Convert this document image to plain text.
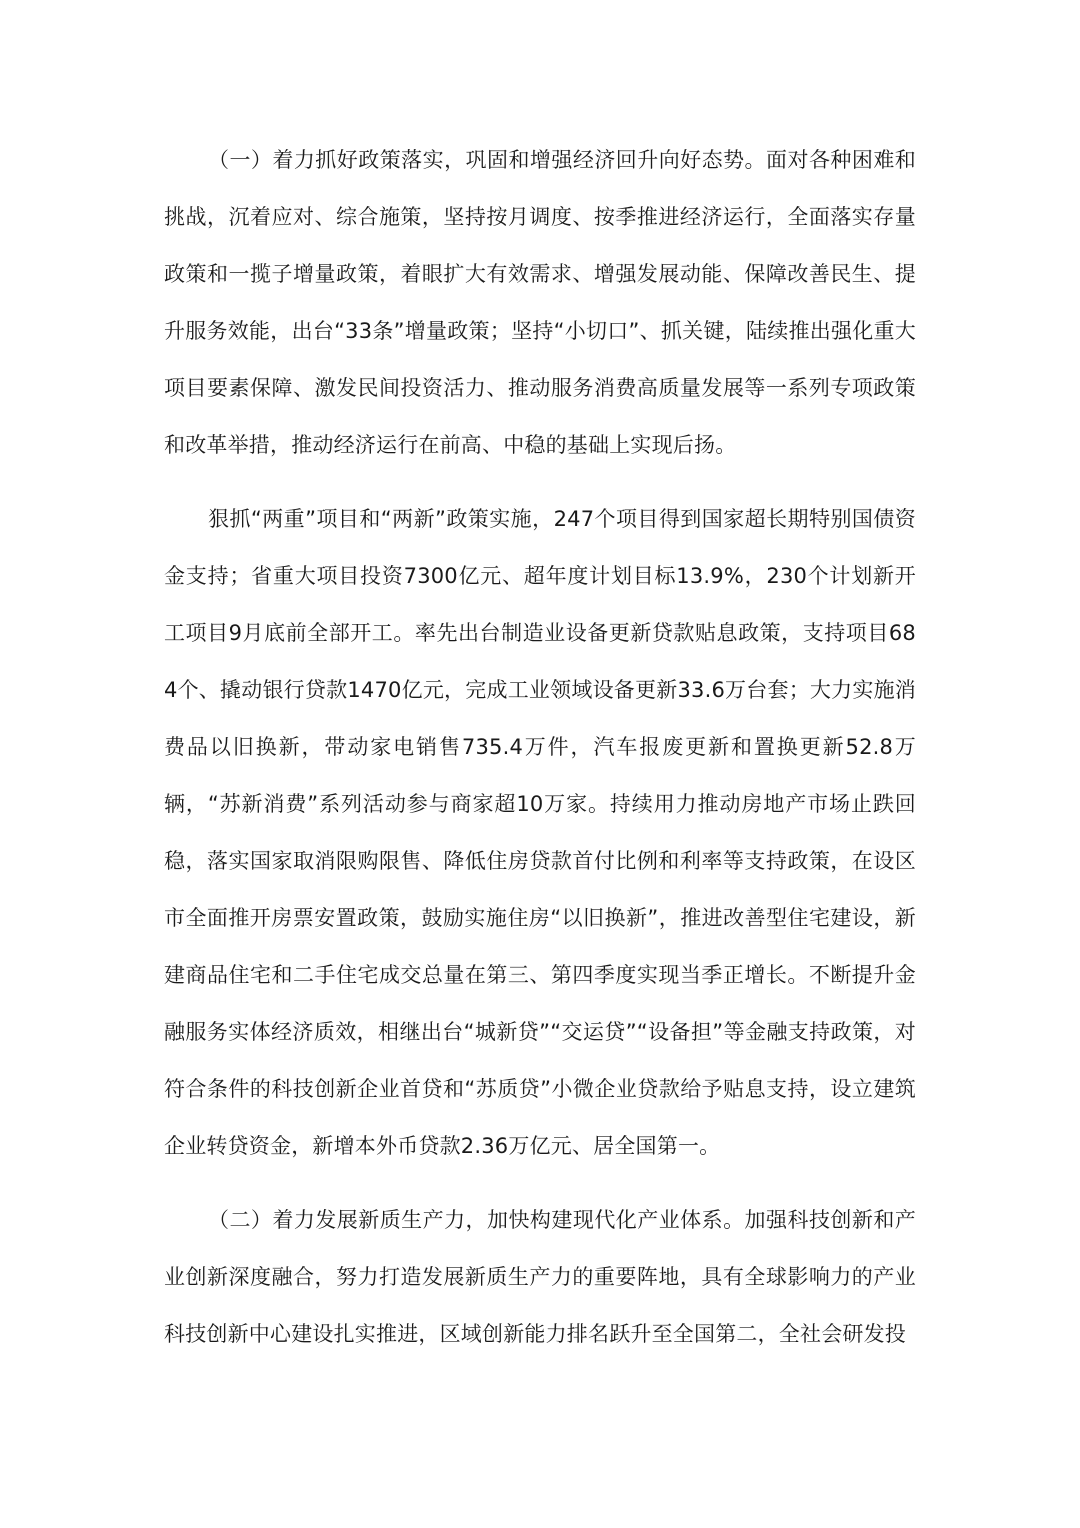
（一）着力抓好政策落实，巩固和增强经济回升向好态势。面对各种困难和挑战，沉着应对、综合施策，坚持按月调度、按季推进经济运行，全面落实存量政策和一揽子增量政策，着眼扩大有效需求、增强发展动能、保障改善民生、提升服务效能，出台“33条”增量政策；坚持“小切口”、抓关键，陆续推出强化重大项目要素保障、激发民间投资活力、推动服务消费高质量发展等一系列专项政策和改革举措，推动经济运行在前高、中稳的基础上实现后扬。

狠抓“两重”项目和“两新”政策实施，247个项目得到国家超长期特别国债资金支持；省重大项目投资7300亿元、超年度计划目标13.9%，230个计划新开工项目9月底前全部开工。率先出台制造业设备更新贷款贴息政策，支持项目684个、撬动银行贷款1470亿元，完成工业领域设备更新33.6万台套；大力实施消费品以旧换新，带动家电销售735.4万件，汽车报废更新和置换更新52.8万辆，“苏新消费”系列活动参与商家超10万家。持续用力推动房地产市场止跌回稳，落实国家取消限购限售、降低住房贷款首付比例和利率等支持政策，在设区市全面推开房票安置政策，鼓励实施住房“以旧换新”，推进改善型住宅建设，新建商品住宅和二手住宅成交总量在第三、第四季度实现当季正增长。不断提升金融服务实体经济质效，相继出台“城新贷”“交运贷”“设备担”等金融支持政策，对符合条件的科技创新企业首贷和“苏质贷”小微企业贷款给予贴息支持，设立建筑企业转贷资金，新增本外币贷款2.36万亿元、居全国第一。

（二）着力发展新质生产力，加快构建现代化产业体系。加强科技创新和产业创新深度融合，努力打造发展新质生产力的重要阵地，具有全球影响力的产业科技创新中心建设扎实推进，区域创新能力排名跃升至全国第二，全社会研发投
